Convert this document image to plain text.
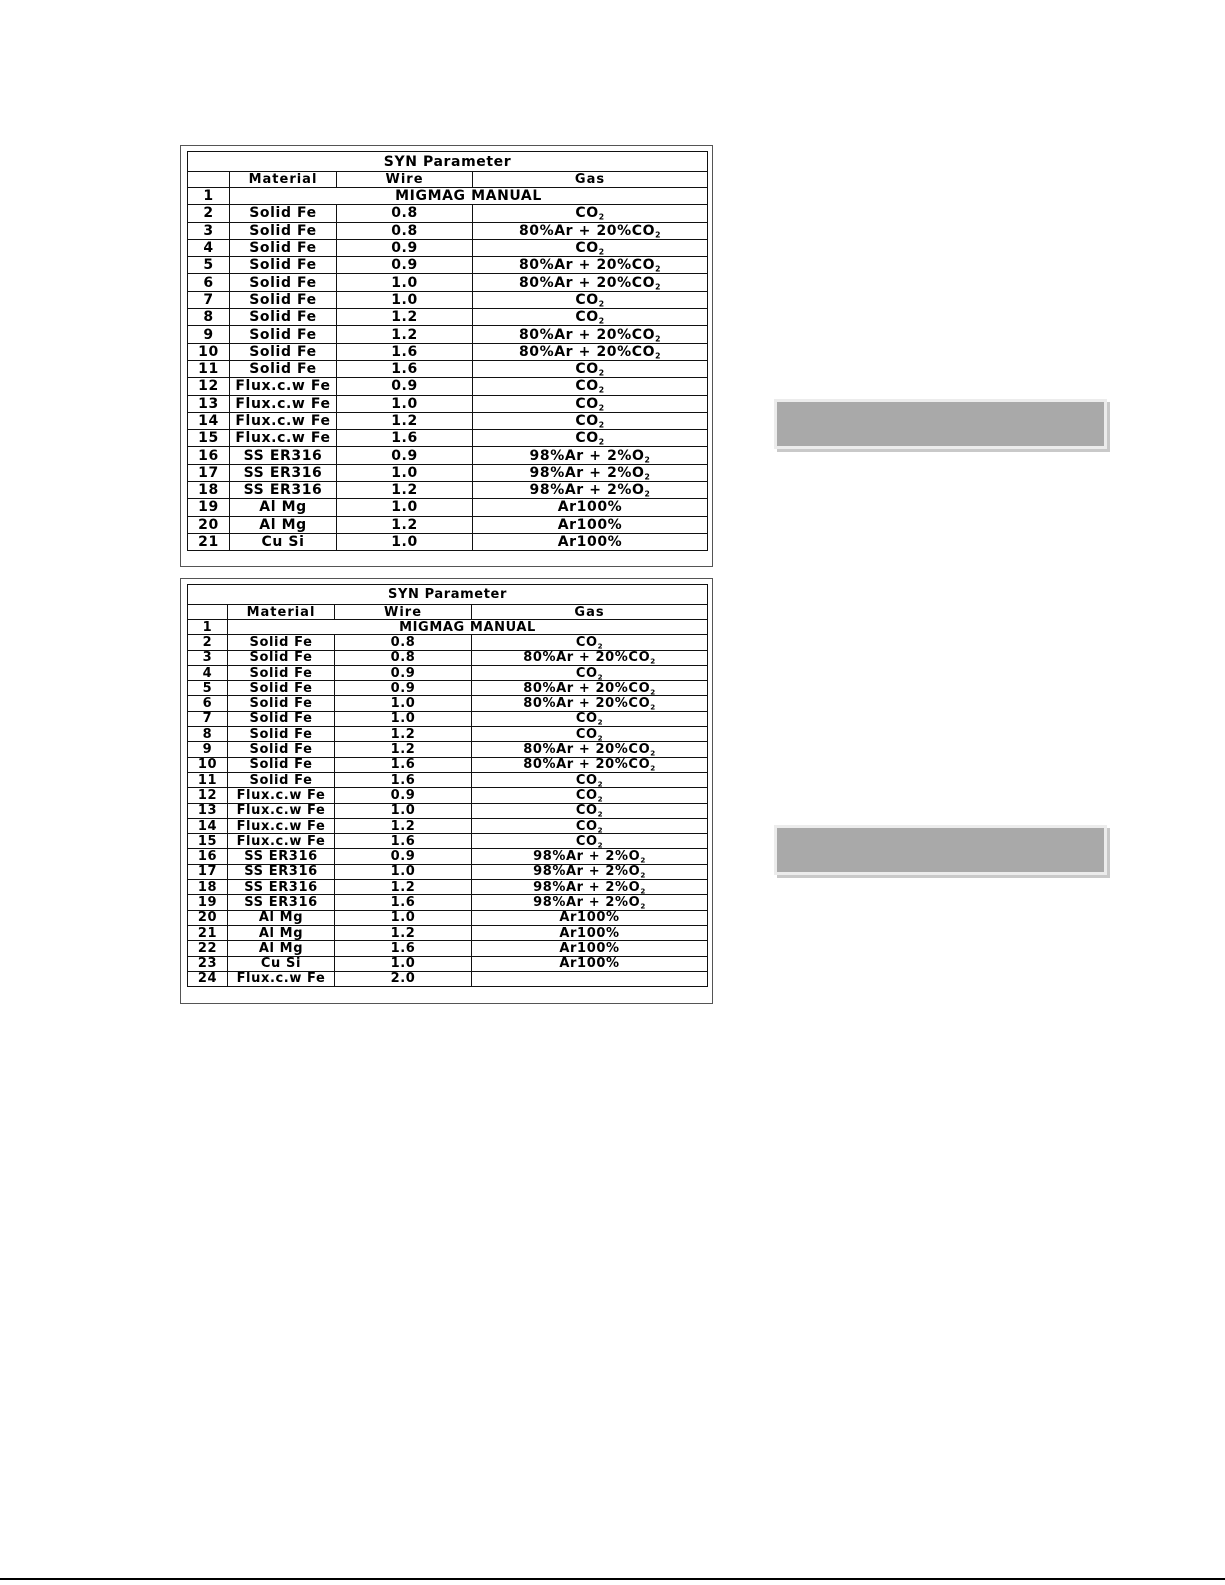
SYN Parameter			
	Material	Wire	Gas
1	MIGMAG MANUAL		
2	Solid Fe	0.8	$CO_2$
3	Solid Fe	0.8	$80\%Ar + 20\%CO_2$
4	Solid Fe	0.9	$CO_2$
5	Solid Fe	0.9	$80\%Ar + 20\%CO_2$
6	Solid Fe	1.0	$80\%Ar + 20\%CO_2$
7	Solid Fe	1.0	$CO_2$
8	Solid Fe	1.2	$CO_2$
9	Solid Fe	1.2	$80\%Ar + 20\%CO_2$
10	Solid Fe	1.6	$80\%Ar + 20\%CO_2$
11	Solid Fe	1.6	$CO_2$
12	Flux.c.w Fe	0.9	$CO_2$
13	Flux.c.w Fe	1.0	$CO_2$
14	Flux.c.w Fe	1.2	$CO_2$
15	Flux.c.w Fe	1.6	$CO_2$
16	SS ER316	0.9	$98\%Ar + 2\%O_2$
17	SS ER316	1.0	$98\%Ar + 2\%O_2$
18	SS ER316	1.2	$98\%Ar + 2\%O_2$
19	Al Mg	1.0	Ar100%
20	Al Mg	1.2	Ar100%
21	Cu Si	1.0	Ar100%
SYN Parameter			
	Material	Wire	Gas
1	MIGMAG MANUAL		
2	Solid Fe	0.8	$CO_2$
3	Solid Fe	0.8	$80\%Ar + 20\%CO_2$
4	Solid Fe	0.9	$CO_2$
5	Solid Fe	0.9	$80\%Ar + 20\%CO_2$
6	Solid Fe	1.0	$80\%Ar + 20\%CO_2$
7	Solid Fe	1.0	$CO_2$
8	Solid Fe	1.2	$CO_2$
9	Solid Fe	1.2	$80\%Ar + 20\%CO_2$
10	Solid Fe	1.6	$80\%Ar + 20\%CO_2$
11	Solid Fe	1.6	$CO_2$
12	Flux.c.w Fe	0.9	$CO_2$
13	Flux.c.w Fe	1.0	$CO_2$
14	Flux.c.w Fe	1.2	$CO_2$
15	Flux.c.w Fe	1.6	$CO_2$
16	SS ER316	0.9	$98\%Ar + 2\%O_2$
17	SS ER316	1.0	$98\%Ar + 2\%O_2$
18	SS ER316	1.2	$98\%Ar + 2\%O_2$
19	SS ER316	1.6	$98\%Ar + 2\%O_2$
20	Al Mg	1.0	Ar100%
21	Al Mg	1.2	Ar100%
22	Al Mg	1.6	Ar100%
23	Cu Si	1.0	Ar100%
24	Flux.c.w Fe	2.0	
